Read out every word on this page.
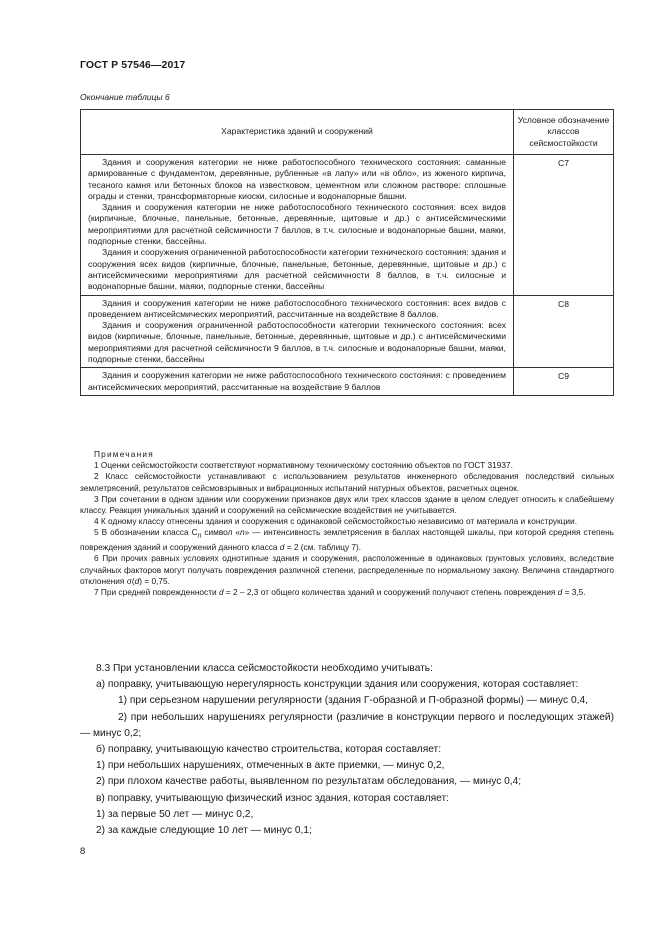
ГОСТ Р 57546—2017
Окончание таблицы 6
Характеристика зданий и сооружений	Условное обозначение классов сейсмостойкости

Здания и сооружения категории не ниже работоспособного технического состояния: саманные армированные с фундаментом, деревянные, рубленные «в лапу» или «в обло», из жженого кирпича, тесаного камня или бетонных блоков на известковом, цементном или сложном растворе: сплошные ограды и стенки, трансформаторные киоски, силосные и водонапорные башни.
Здания и сооружения категории не ниже работоспособного технического состояния: всех видов (кирпичные, блочные, панельные, бетонные, деревянные, щитовые и др.) с антисейсмическими мероприятиями для расчетной сейсмичности 7 баллов, в т.ч. силосные и водонапорные башни, маяки, подпорные стенки, бассейны.
Здания и сооружения ограниченной работоспособности категории технического состояния: здания и сооружения всех видов (кирпичные, блочные, панельные, бетонные, деревянные, щитовые и др.) с антисейсмическими мероприятиями для расчетной сейсмичности 8 баллов, в т.ч. силосные и водонапорные башни, маяки, подпорные стенки, бассейны	С7

Здания и сооружения категории не ниже работоспособного технического состояния: всех видов с проведением антисейсмических мероприятий, рассчитанные на воздействие 8 баллов.
Здания и сооружения ограниченной работоспособности категории технического состояния: всех видов (кирпичные, блочные, панельные, бетонные, деревянные, щитовые и др.) с антисейсмическими мероприятиями для расчетной сейсмичности 9 баллов, в т.ч. силосные и водонапорные башни, маяки, подпорные стенки, бассейны	С8

Здания и сооружения категории не ниже работоспособного технического состояния: с проведением антисейсмических мероприятий, рассчитанные на воздействие 9 баллов	С9
Примечания
1 Оценки сейсмостойкости соответствуют нормативному техническому состоянию объектов по ГОСТ 31937.
2 Класс сейсмостойкости устанавливают с использованием результатов инженерного обследования последствий сильных землетрясений, результатов сейсмовзрывных и вибрационных испытаний натурных объектов, расчетных оценок.
3 При сочетании в одном здании или сооружении признаков двух или трех классов здание в целом следует относить к слабейшему классу. Реакция уникальных зданий и сооружений на сейсмические воздействия не учитывается.
4 К одному классу отнесены здания и сооружения с одинаковой сейсмостойкостью независимо от материала и конструкции.
5 В обозначении класса $С_n$ символ «n» — интенсивность землетрясения в баллах настоящей шкалы, при которой средняя степень повреждения зданий и сооружений данного класса d = 2 (см. таблицу 7).
6 При прочих равных условиях однотипные здания и сооружения, расположенные в одинаковых грунтовых условиях, вследствие случайных факторов могут получать повреждения различной степени, распределенные по нормальному закону. Величина стандартного отклонения σ(d) = 0,75.
7 При средней поврежденности d = 2 – 2,3 от общего количества зданий и сооружений получают степень повреждения d = 3,5.
8.3 При установлении класса сейсмостойкости необходимо учитывать:
а) поправку, учитывающую нерегулярность конструкции здания или сооружения, которая составляет:
1) при серьезном нарушении регулярности (здания Г-образной и П-образной формы) — минус 0,4,
2) при небольших нарушениях регулярности (различие в конструкции первого и последующих этажей) — минус 0,2;
б) поправку, учитывающую качество строительства, которая составляет:
1) при небольших нарушениях, отмеченных в акте приемки, — минус 0,2,
2) при плохом качестве работы, выявленном по результатам обследования, — минус 0,4;
в) поправку, учитывающую физический износ здания, которая составляет:
1) за первые 50 лет — минус 0,2,
2) за каждые следующие 10 лет — минус 0,1;
8
